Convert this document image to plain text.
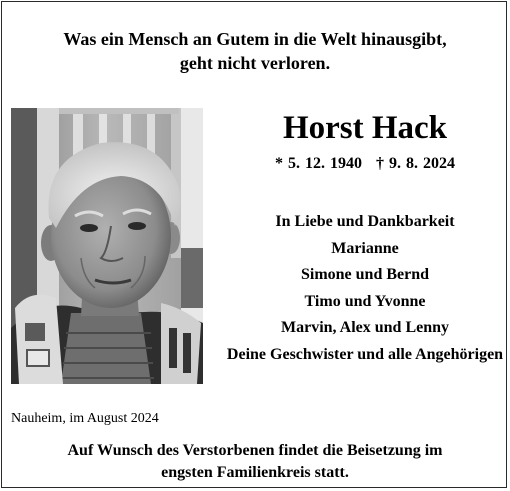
Was ein Mensch an Gutem in die Welt hinausgibt,
geht nicht verloren.
Horst Hack
* 5. 12. 1940 † 9. 8. 2024
In Liebe und Dankbarkeit
Marianne
Simone und Bernd
Timo und Yvonne
Marvin, Alex und Lenny
Deine Geschwister und alle Angehörigen
Nauheim, im August 2024
Auf Wunsch des Verstorbenen findet die Beisetzung im
engsten Familienkreis statt.
